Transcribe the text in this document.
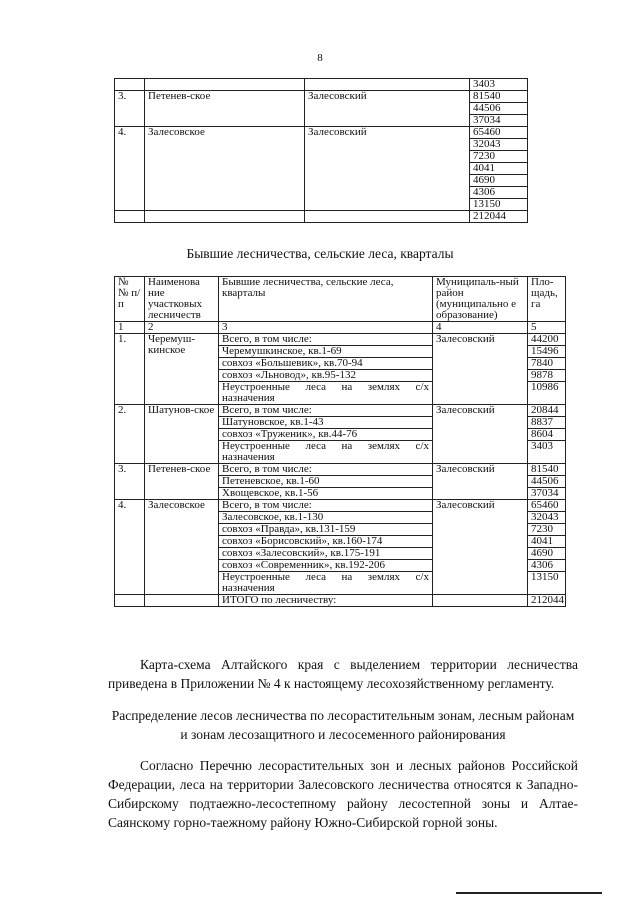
8
			3403
3.	Петенев-ское	Залесовский	81540
			44506
			37034
4.	Залесовское	Залесовский	65460
			32043
			7230
			4041
			4690
			4306
			13150
			212044
Бывшие лесничества, сельские леса, кварталы
№ № п/п	Наименова ние участковых лесничеств	Бывшие лесничества, сельские леса, кварталы	Муниципаль-ный район (муниципально е образование)	Пло-щадь, га
1	2	3	4	5
1.	Черемуш-кинское	Всего, в том числе:	Залесовский	44200
		Черемушкинское, кв.1-69		15496
		совхоз «Большевик», кв.70-94		7840
		совхоз «Льновод», кв.95-132		9878
		Неустроенные леса на землях с/х назначения		10986
2.	Шатунов-ское	Всего, в том числе:	Залесовский	20844
		Шатуновское, кв.1-43		8837
		совхоз «Труженик», кв.44-76		8604
		Неустроенные леса на землях с/х назначения		3403
3.	Петенев-ское	Всего, в том числе:	Залесовский	81540
		Петеневское, кв.1-60		44506
		Хвощевское, кв.1-56		37034
4.	Залесовское	Всего, в том числе:	Залесовский	65460
		Залесовское, кв.1-130		32043
		совхоз «Правда», кв.131-159		7230
		совхоз «Борисовский», кв.160-174		4041
		совхоз «Залесовский», кв.175-191		4690
		совхоз «Современник», кв.192-206		4306
		Неустроенные леса на землях с/х назначения		13150
		ИТОГО по лесничеству:		212044
Карта-схема Алтайского края с выделением территории лесничества приведена в Приложении № 4 к настоящему лесохозяйственному регламенту.
Распределение лесов лесничества по лесорастительным зонам, лесным районам и зонам лесозащитного и лесосеменного районирования
Согласно Перечню лесорастительных зон и лесных районов Российской Федерации, леса на территории Залесовского лесничества относятся к Западно-Сибирскому подтаежно-лесостепному району лесостепной зоны и Алтае-Саянскому горно-таежному району Южно-Сибирской горной зоны.
